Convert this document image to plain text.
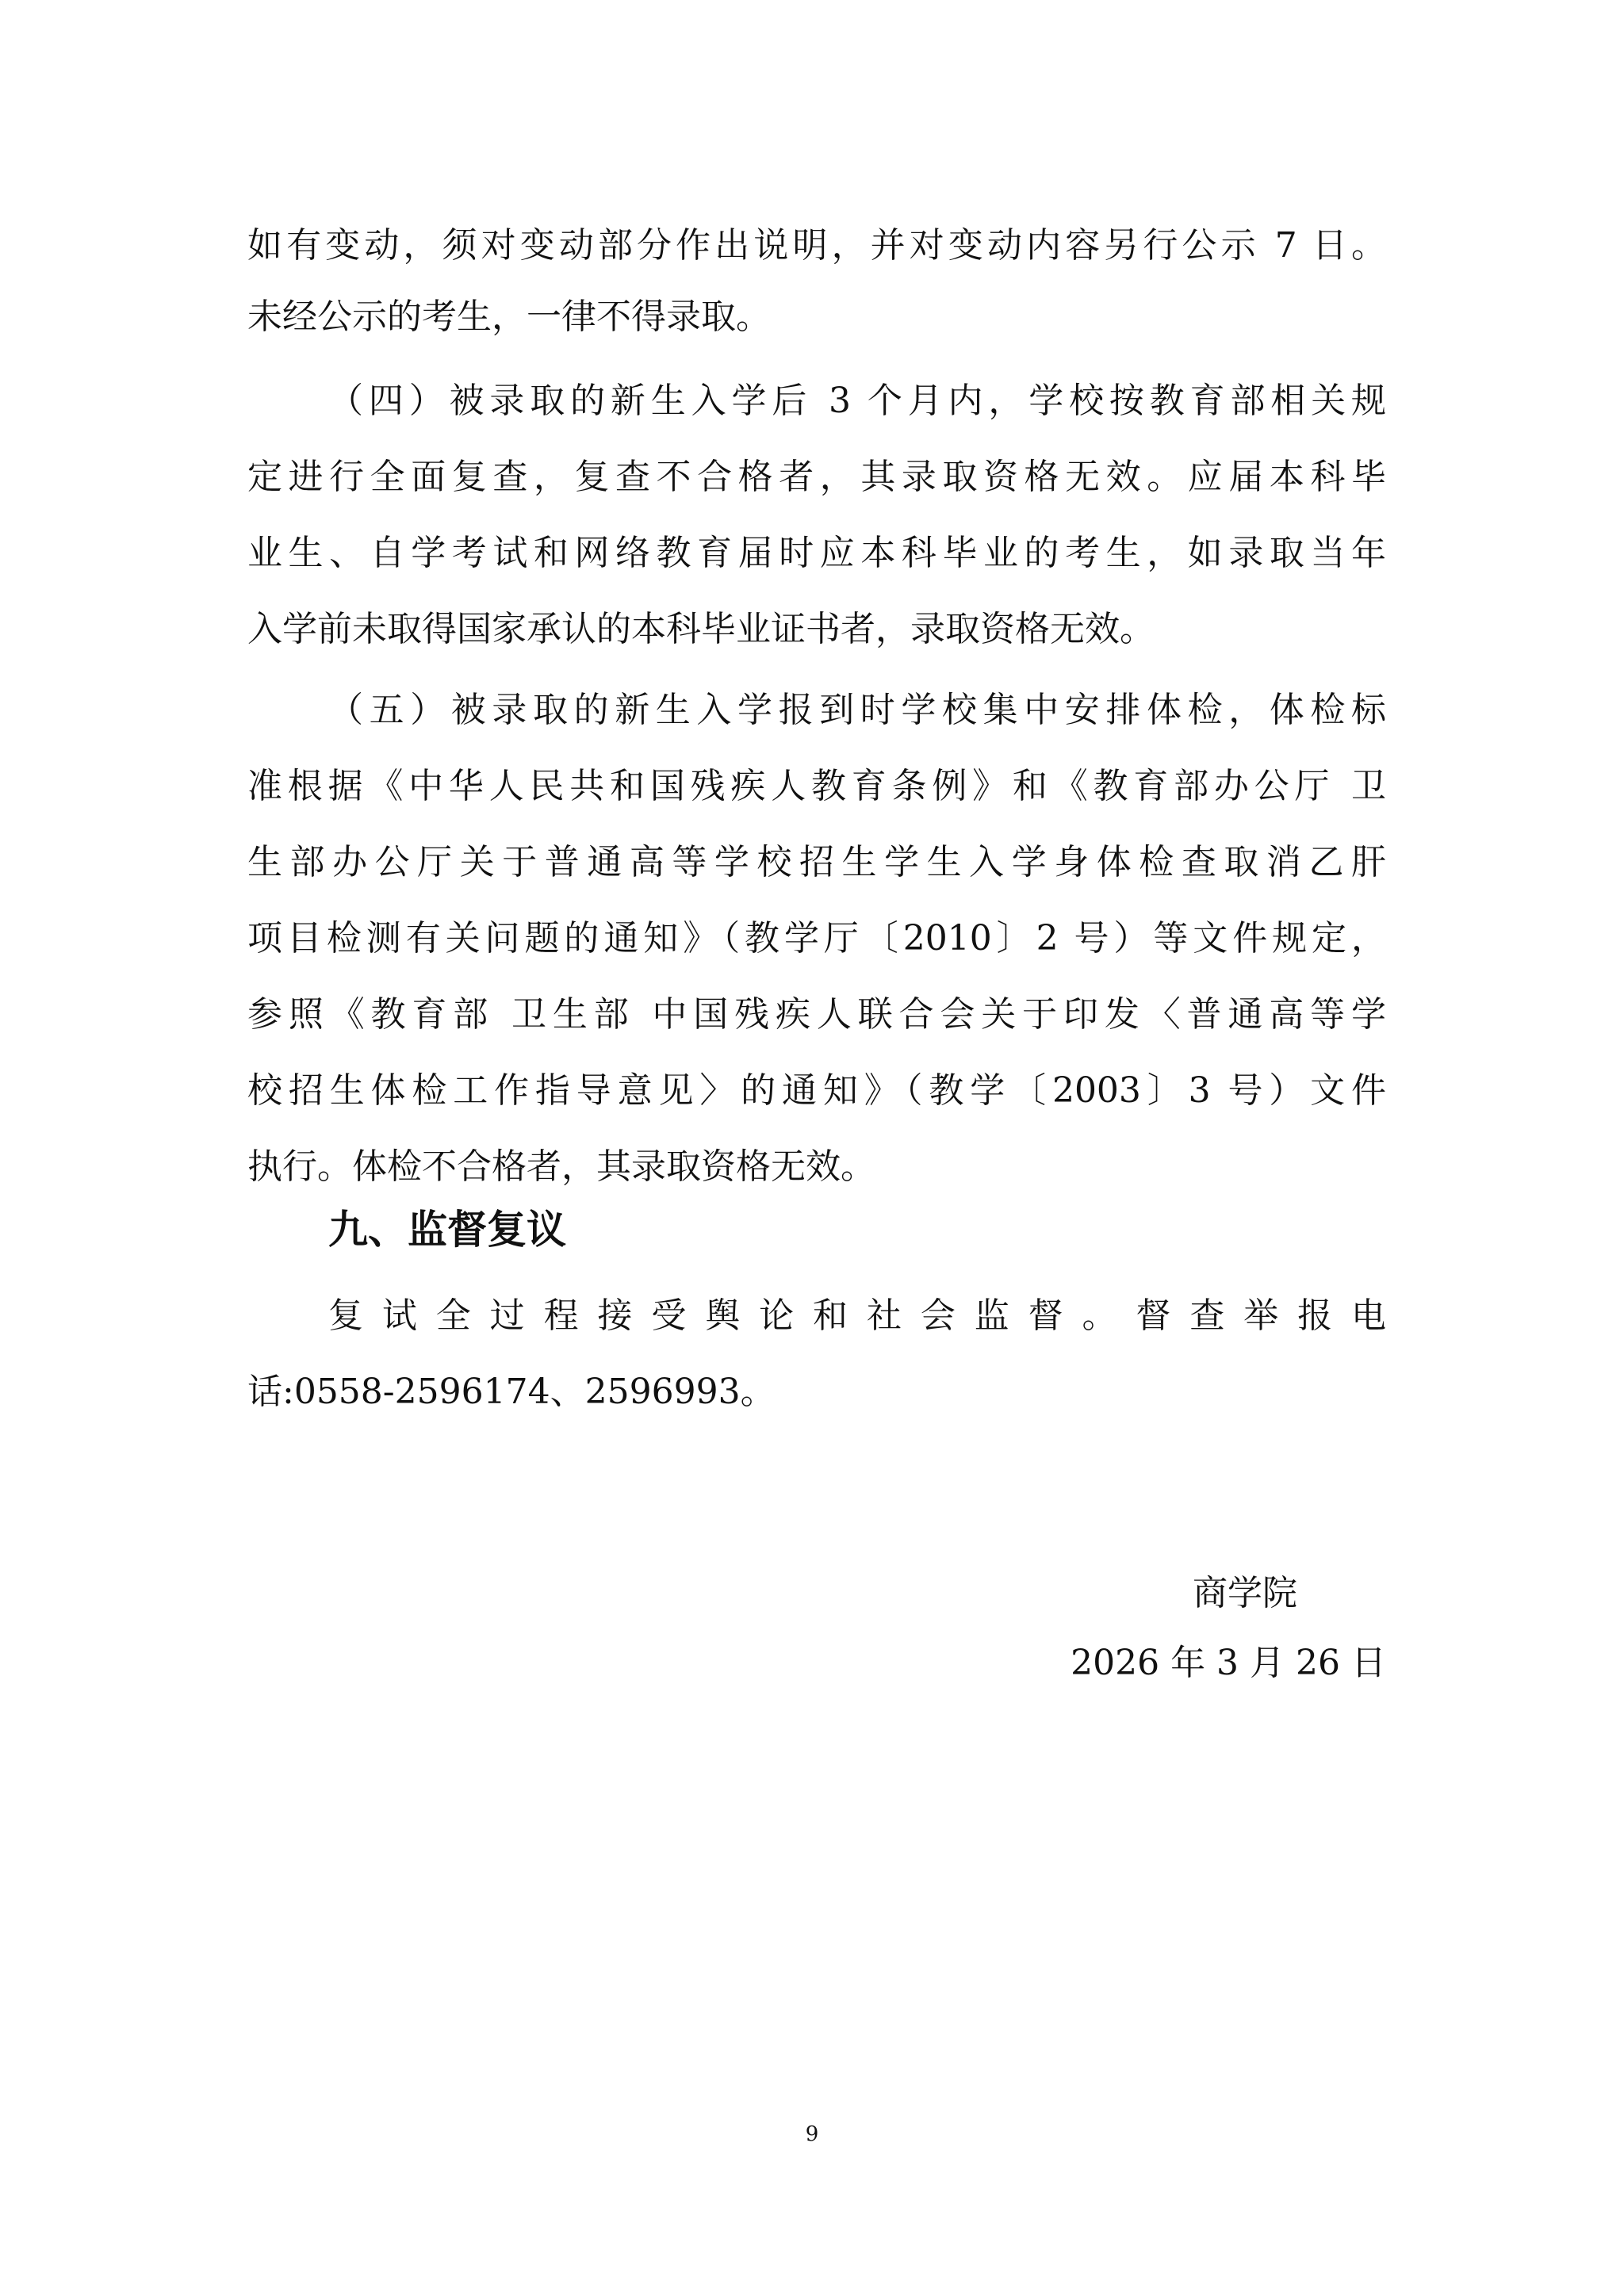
如有变动，须对变动部分作出说明，并对变动内容另行公示 7 日。
未经公示的考生，一律不得录取。
（四）被录取的新生入学后 3 个月内，学校按教育部相关规
定进行全面复查，复查不合格者，其录取资格无效。应届本科毕
业生、自学考试和网络教育届时应本科毕业的考生，如录取当年
入学前未取得国家承认的本科毕业证书者，录取资格无效。
（五）被录取的新生入学报到时学校集中安排体检，体检标
准根据《中华人民共和国残疾人教育条例》和《教育部办公厅 卫
生部办公厅关于普通高等学校招生学生入学身体检查取消乙肝
项目检测有关问题的通知》（教学厅〔2010〕2 号）等文件规定，
参照《教育部 卫生部 中国残疾人联合会关于印发〈普通高等学
校招生体检工作指导意见〉的通知》（教学〔2003〕3 号）文件
执行。体检不合格者，其录取资格无效。
九、监督复议
复试全过程接受舆论和社会监督。督查举报电
话:0558-2596174、2596993。
商学院
2026 年 3 月 26 日
9
